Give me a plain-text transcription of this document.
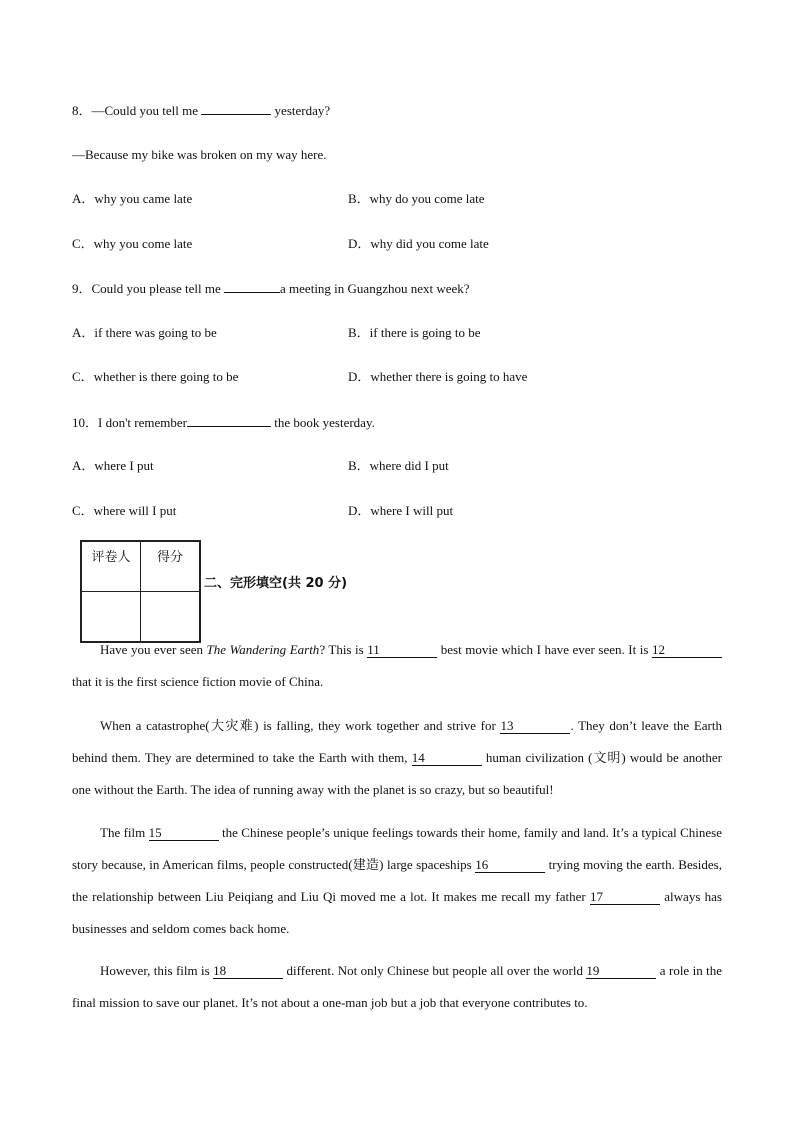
8．—Could you tell me	yesterday?
—Because my bike was broken on my way here.
A．why you came late	B．why do you come late
C．why you come late	D．why did you come late
9．Could you please tell me	a meeting in Guangzhou next week?
A．if there was going to be	B．if there is going to be
C．whether is there going to be	D．whether there is going to have
10．I don't remember	the book yesterday.
A．where I put	B．where did I put
C．where will I put	D．where I will put
评卷人	得分

二、完形填空(共 20 分)
Have you ever seen The Wandering Earth? This is 11	best movie which I have ever seen. It is 12 that it is the first science fiction movie of China.
When a catastrophe(大灾难) is falling, they work together and strive for 13	. They don’t leave the Earth behind them. They are determined to take the Earth with them, 14	human civilization (文明) would be another one without the Earth. The idea of running away with the planet is so crazy, but so beautiful!
The film 15	the Chinese people’s unique feelings towards their home, family and land. It’s a typical Chinese story because, in American films, people constructed(建造) large spaceships 16	trying moving the earth. Besides, the relationship between Liu Peiqiang and Liu Qi moved me a lot. It makes me recall my father 17	always has businesses and seldom comes back home.
However, this film is 18	different. Not only Chinese but people all over the world 19	a role in the final mission to save our planet. It’s not about a one-man job but a job that everyone contributes to.
